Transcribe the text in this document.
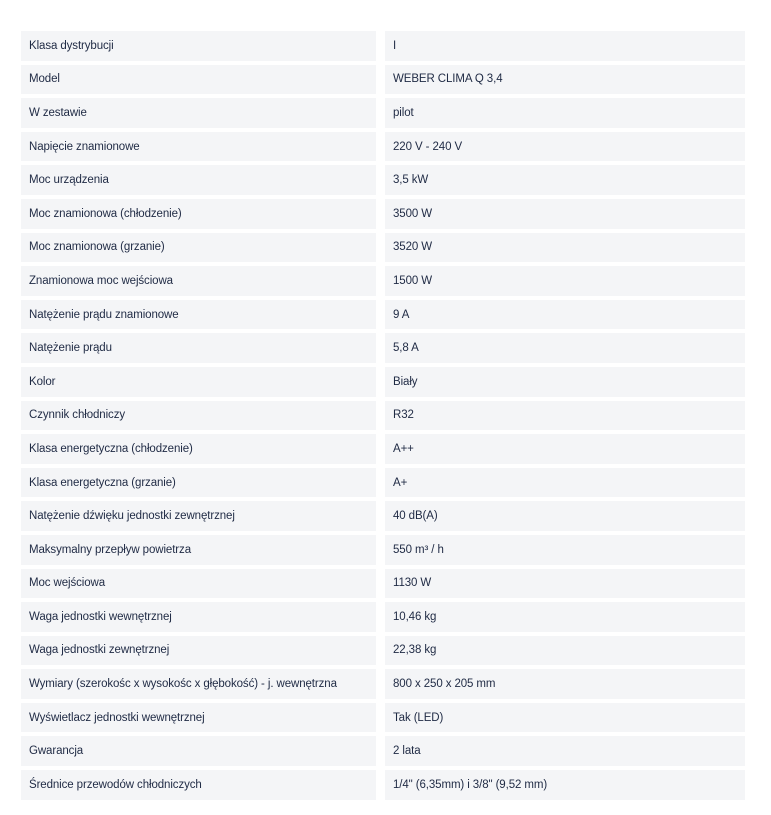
Klasa dystrybucji	I
Model	WEBER CLIMA Q 3,4
W zestawie	pilot
Napięcie znamionowe	220 V - 240 V
Moc urządzenia	3,5 kW
Moc znamionowa (chłodzenie)	3500 W
Moc znamionowa (grzanie)	3520 W
Znamionowa moc wejściowa	1500 W
Natężenie prądu znamionowe	9 A
Natężenie prądu	5,8 A
Kolor	Biały
Czynnik chłodniczy	R32
Klasa energetyczna (chłodzenie)	A++
Klasa energetyczna (grzanie)	A+
Natężenie dźwięku jednostki zewnętrznej	40 dB(A)
Maksymalny przepływ powietrza	550 m³ / h
Moc wejściowa	1130 W
Waga jednostki wewnętrznej	10,46 kg
Waga jednostki zewnętrznej	22,38 kg
Wymiary (szerokośc x wysokośc x głębokość) - j. wewnętrzna	800 x 250 x 205 mm
Wyświetlacz jednostki wewnętrznej	Tak (LED)
Gwarancja	2 lata
Średnice przewodów chłodniczych	1/4" (6,35mm) i 3/8" (9,52 mm)
